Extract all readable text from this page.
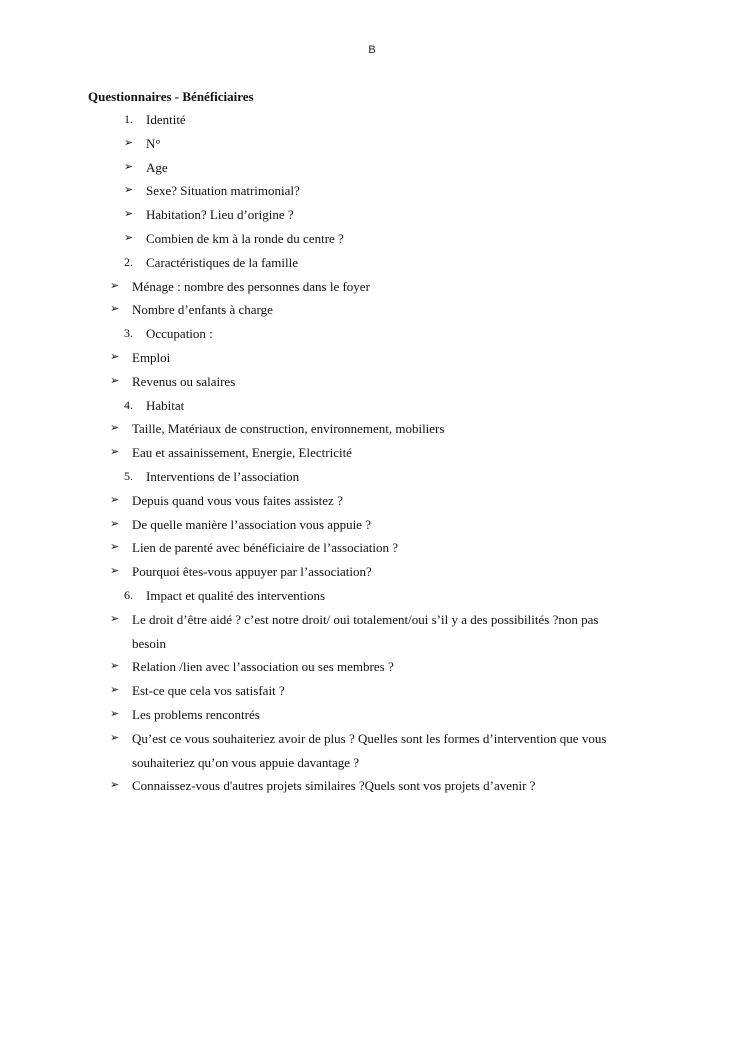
B
Questionnaires - Bénéficiaires
1. Identité
➢ N°
➢ Age
➢ Sexe? Situation matrimonial?
➢ Habitation? Lieu d’origine ?
➢ Combien de km à la ronde du centre ?
2. Caractéristiques de la famille
➢ Ménage : nombre des personnes dans le foyer
➢ Nombre d’enfants à charge
3. Occupation :
➢ Emploi
➢ Revenus ou salaires
4. Habitat
➢ Taille, Matériaux de construction, environnement, mobiliers
➢ Eau et assainissement, Energie, Electricité
5. Interventions de l’association
➢ Depuis quand vous vous faites assistez ?
➢ De quelle manière l’association vous appuie ?
➢ Lien de parenté avec bénéficiaire de l’association ?
➢ Pourquoi êtes-vous appuyer par l’association?
6. Impact et qualité des interventions
➢ Le droit d’être aidé ? c’est notre droit/ oui totalement/oui s’il y a des possibilités ?non pas
besoin
➢ Relation /lien avec l’association ou ses membres ?
➢ Est-ce que cela vos satisfait ?
➢ Les problems rencontrés
➢ Qu’est ce vous souhaiteriez avoir de plus ? Quelles sont les formes d’intervention que vous
souhaiteriez qu’on vous appuie davantage ?
➢ Connaissez-vous d'autres projets similaires ?Quels sont vos projets d’avenir ?
